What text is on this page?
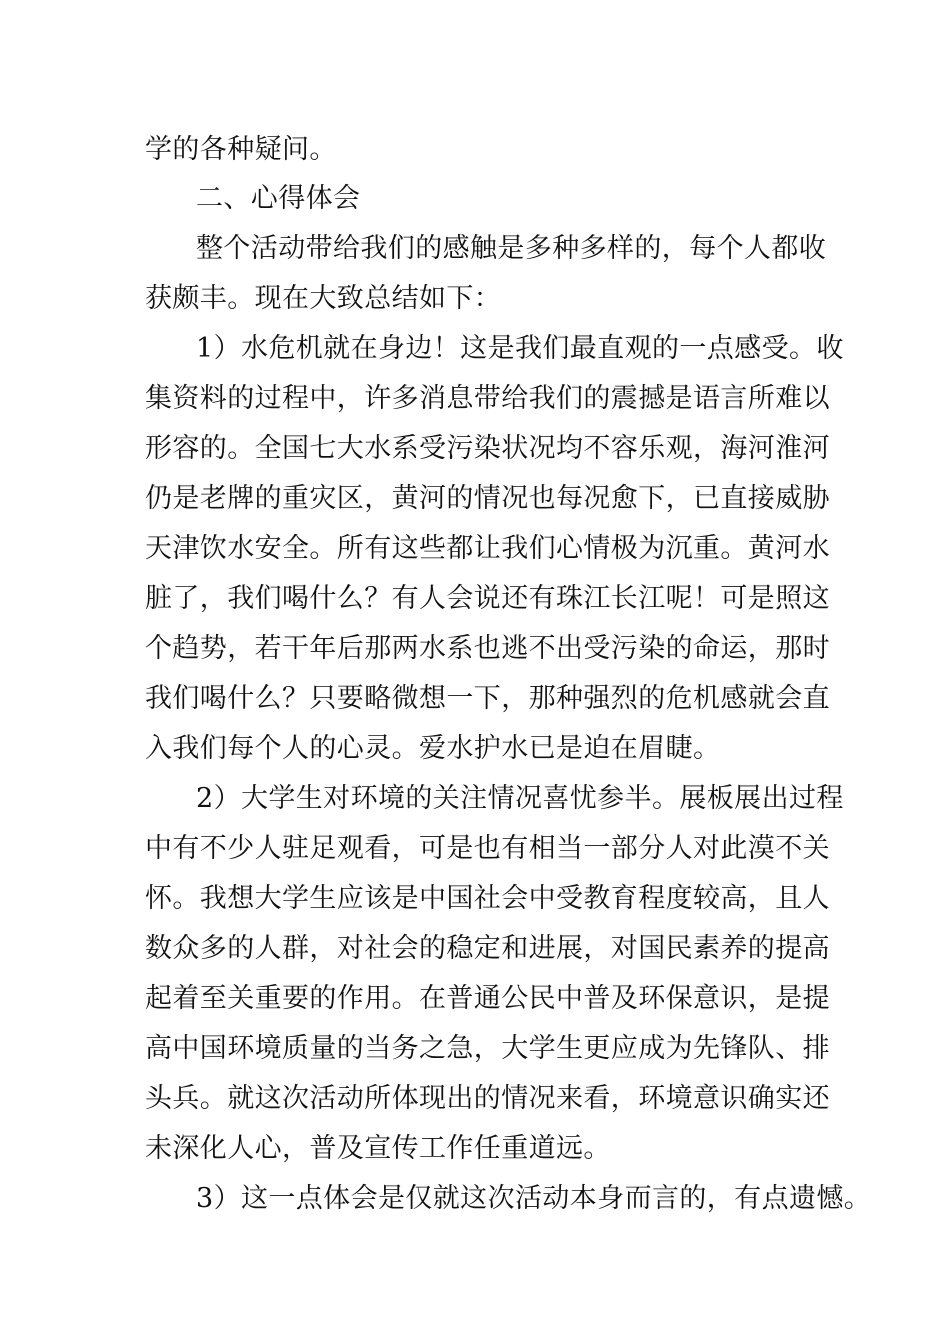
学的各种疑问。

二、心得体会

整个活动带给我们的感触是多种多样的，每个人都收

获颇丰。现在大致总结如下：

1）水危机就在身边！这是我们最直观的一点感受。收

集资料的过程中，许多消息带给我们的震撼是语言所难以

形容的。全国七大水系受污染状况均不容乐观，海河淮河

仍是老牌的重灾区，黄河的情况也每况愈下，已直接威胁

天津饮水安全。所有这些都让我们心情极为沉重。黄河水

脏了，我们喝什么？有人会说还有珠江长江呢！可是照这

个趋势，若干年后那两水系也逃不出受污染的命运，那时

我们喝什么？只要略微想一下，那种强烈的危机感就会直

入我们每个人的心灵。爱水护水已是迫在眉睫。

2）大学生对环境的关注情况喜忧参半。展板展出过程

中有不少人驻足观看，可是也有相当一部分人对此漠不关

怀。我想大学生应该是中国社会中受教育程度较高，且人

数众多的人群，对社会的稳定和进展，对国民素养的提高

起着至关重要的作用。在普通公民中普及环保意识，是提

高中国环境质量的当务之急，大学生更应成为先锋队、排

头兵。就这次活动所体现出的情况来看，环境意识确实还

未深化人心，普及宣传工作任重道远。

3）这一点体会是仅就这次活动本身而言的，有点遗憾。
